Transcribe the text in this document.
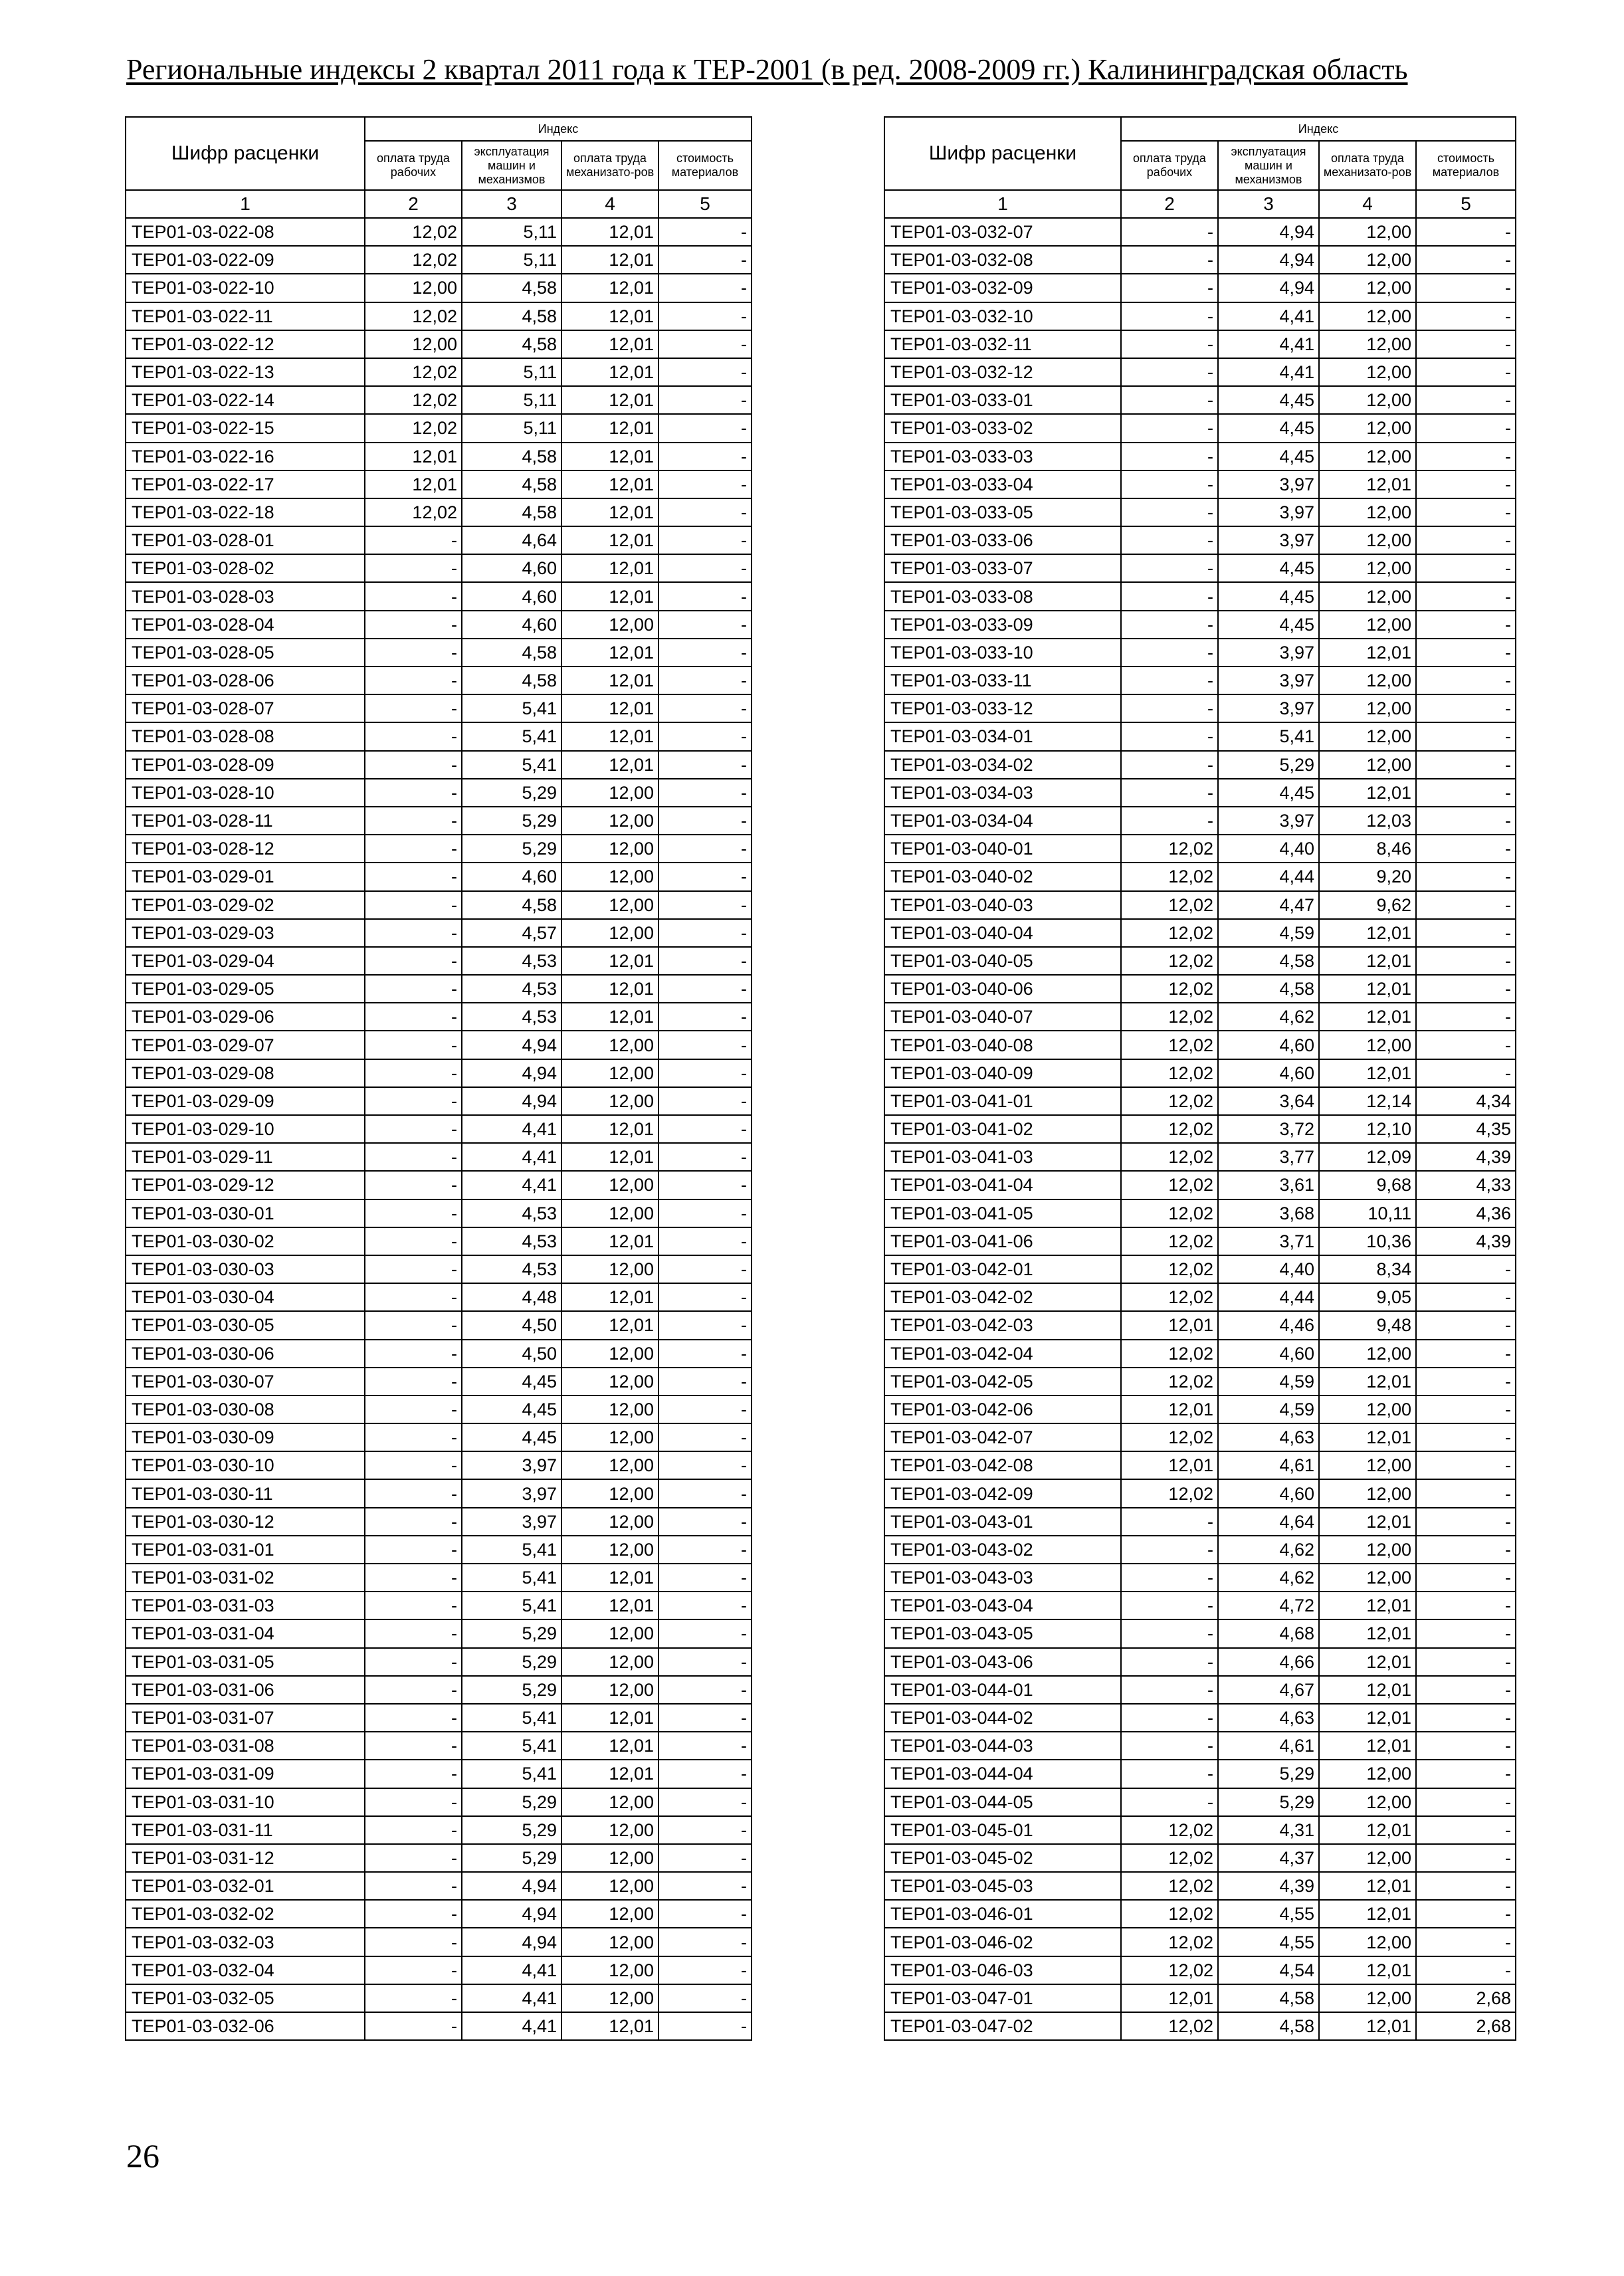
Региональные индексы 2 квартал 2011 года к ТЕР-2001 (в ред. 2008-2009 гг.) Калининградская область
Шифр расценки	Индекс			
	оплата труда рабочих	эксплуатация машин и механизмов	оплата труда механизато-ров	стоимость материалов
1	2	3	4	5
ТЕР01-03-022-08	12,02	5,11	12,01	-
ТЕР01-03-022-09	12,02	5,11	12,01	-
ТЕР01-03-022-10	12,00	4,58	12,01	-
ТЕР01-03-022-11	12,02	4,58	12,01	-
ТЕР01-03-022-12	12,00	4,58	12,01	-
ТЕР01-03-022-13	12,02	5,11	12,01	-
ТЕР01-03-022-14	12,02	5,11	12,01	-
ТЕР01-03-022-15	12,02	5,11	12,01	-
ТЕР01-03-022-16	12,01	4,58	12,01	-
ТЕР01-03-022-17	12,01	4,58	12,01	-
ТЕР01-03-022-18	12,02	4,58	12,01	-
ТЕР01-03-028-01	-	4,64	12,01	-
ТЕР01-03-028-02	-	4,60	12,01	-
ТЕР01-03-028-03	-	4,60	12,01	-
ТЕР01-03-028-04	-	4,60	12,00	-
ТЕР01-03-028-05	-	4,58	12,01	-
ТЕР01-03-028-06	-	4,58	12,01	-
ТЕР01-03-028-07	-	5,41	12,01	-
ТЕР01-03-028-08	-	5,41	12,01	-
ТЕР01-03-028-09	-	5,41	12,01	-
ТЕР01-03-028-10	-	5,29	12,00	-
ТЕР01-03-028-11	-	5,29	12,00	-
ТЕР01-03-028-12	-	5,29	12,00	-
ТЕР01-03-029-01	-	4,60	12,00	-
ТЕР01-03-029-02	-	4,58	12,00	-
ТЕР01-03-029-03	-	4,57	12,00	-
ТЕР01-03-029-04	-	4,53	12,01	-
ТЕР01-03-029-05	-	4,53	12,01	-
ТЕР01-03-029-06	-	4,53	12,01	-
ТЕР01-03-029-07	-	4,94	12,00	-
ТЕР01-03-029-08	-	4,94	12,00	-
ТЕР01-03-029-09	-	4,94	12,00	-
ТЕР01-03-029-10	-	4,41	12,01	-
ТЕР01-03-029-11	-	4,41	12,01	-
ТЕР01-03-029-12	-	4,41	12,00	-
ТЕР01-03-030-01	-	4,53	12,00	-
ТЕР01-03-030-02	-	4,53	12,01	-
ТЕР01-03-030-03	-	4,53	12,00	-
ТЕР01-03-030-04	-	4,48	12,01	-
ТЕР01-03-030-05	-	4,50	12,01	-
ТЕР01-03-030-06	-	4,50	12,00	-
ТЕР01-03-030-07	-	4,45	12,00	-
ТЕР01-03-030-08	-	4,45	12,00	-
ТЕР01-03-030-09	-	4,45	12,00	-
ТЕР01-03-030-10	-	3,97	12,00	-
ТЕР01-03-030-11	-	3,97	12,00	-
ТЕР01-03-030-12	-	3,97	12,00	-
ТЕР01-03-031-01	-	5,41	12,00	-
ТЕР01-03-031-02	-	5,41	12,01	-
ТЕР01-03-031-03	-	5,41	12,01	-
ТЕР01-03-031-04	-	5,29	12,00	-
ТЕР01-03-031-05	-	5,29	12,00	-
ТЕР01-03-031-06	-	5,29	12,00	-
ТЕР01-03-031-07	-	5,41	12,01	-
ТЕР01-03-031-08	-	5,41	12,01	-
ТЕР01-03-031-09	-	5,41	12,01	-
ТЕР01-03-031-10	-	5,29	12,00	-
ТЕР01-03-031-11	-	5,29	12,00	-
ТЕР01-03-031-12	-	5,29	12,00	-
ТЕР01-03-032-01	-	4,94	12,00	-
ТЕР01-03-032-02	-	4,94	12,00	-
ТЕР01-03-032-03	-	4,94	12,00	-
ТЕР01-03-032-04	-	4,41	12,00	-
ТЕР01-03-032-05	-	4,41	12,00	-
ТЕР01-03-032-06	-	4,41	12,01	-
Шифр расценки	Индекс			
	оплата труда рабочих	эксплуатация машин и механизмов	оплата труда механизато-ров	стоимость материалов
1	2	3	4	5
ТЕР01-03-032-07	-	4,94	12,00	-
ТЕР01-03-032-08	-	4,94	12,00	-
ТЕР01-03-032-09	-	4,94	12,00	-
ТЕР01-03-032-10	-	4,41	12,00	-
ТЕР01-03-032-11	-	4,41	12,00	-
ТЕР01-03-032-12	-	4,41	12,00	-
ТЕР01-03-033-01	-	4,45	12,00	-
ТЕР01-03-033-02	-	4,45	12,00	-
ТЕР01-03-033-03	-	4,45	12,00	-
ТЕР01-03-033-04	-	3,97	12,01	-
ТЕР01-03-033-05	-	3,97	12,00	-
ТЕР01-03-033-06	-	3,97	12,00	-
ТЕР01-03-033-07	-	4,45	12,00	-
ТЕР01-03-033-08	-	4,45	12,00	-
ТЕР01-03-033-09	-	4,45	12,00	-
ТЕР01-03-033-10	-	3,97	12,01	-
ТЕР01-03-033-11	-	3,97	12,00	-
ТЕР01-03-033-12	-	3,97	12,00	-
ТЕР01-03-034-01	-	5,41	12,00	-
ТЕР01-03-034-02	-	5,29	12,00	-
ТЕР01-03-034-03	-	4,45	12,01	-
ТЕР01-03-034-04	-	3,97	12,03	-
ТЕР01-03-040-01	12,02	4,40	8,46	-
ТЕР01-03-040-02	12,02	4,44	9,20	-
ТЕР01-03-040-03	12,02	4,47	9,62	-
ТЕР01-03-040-04	12,02	4,59	12,01	-
ТЕР01-03-040-05	12,02	4,58	12,01	-
ТЕР01-03-040-06	12,02	4,58	12,01	-
ТЕР01-03-040-07	12,02	4,62	12,01	-
ТЕР01-03-040-08	12,02	4,60	12,00	-
ТЕР01-03-040-09	12,02	4,60	12,01	-
ТЕР01-03-041-01	12,02	3,64	12,14	4,34
ТЕР01-03-041-02	12,02	3,72	12,10	4,35
ТЕР01-03-041-03	12,02	3,77	12,09	4,39
ТЕР01-03-041-04	12,02	3,61	9,68	4,33
ТЕР01-03-041-05	12,02	3,68	10,11	4,36
ТЕР01-03-041-06	12,02	3,71	10,36	4,39
ТЕР01-03-042-01	12,02	4,40	8,34	-
ТЕР01-03-042-02	12,02	4,44	9,05	-
ТЕР01-03-042-03	12,01	4,46	9,48	-
ТЕР01-03-042-04	12,02	4,60	12,00	-
ТЕР01-03-042-05	12,02	4,59	12,01	-
ТЕР01-03-042-06	12,01	4,59	12,00	-
ТЕР01-03-042-07	12,02	4,63	12,01	-
ТЕР01-03-042-08	12,01	4,61	12,00	-
ТЕР01-03-042-09	12,02	4,60	12,00	-
ТЕР01-03-043-01	-	4,64	12,01	-
ТЕР01-03-043-02	-	4,62	12,00	-
ТЕР01-03-043-03	-	4,62	12,00	-
ТЕР01-03-043-04	-	4,72	12,01	-
ТЕР01-03-043-05	-	4,68	12,01	-
ТЕР01-03-043-06	-	4,66	12,01	-
ТЕР01-03-044-01	-	4,67	12,01	-
ТЕР01-03-044-02	-	4,63	12,01	-
ТЕР01-03-044-03	-	4,61	12,01	-
ТЕР01-03-044-04	-	5,29	12,00	-
ТЕР01-03-044-05	-	5,29	12,00	-
ТЕР01-03-045-01	12,02	4,31	12,01	-
ТЕР01-03-045-02	12,02	4,37	12,00	-
ТЕР01-03-045-03	12,02	4,39	12,01	-
ТЕР01-03-046-01	12,02	4,55	12,01	-
ТЕР01-03-046-02	12,02	4,55	12,00	-
ТЕР01-03-046-03	12,02	4,54	12,01	-
ТЕР01-03-047-01	12,01	4,58	12,00	2,68
ТЕР01-03-047-02	12,02	4,58	12,01	2,68
26
